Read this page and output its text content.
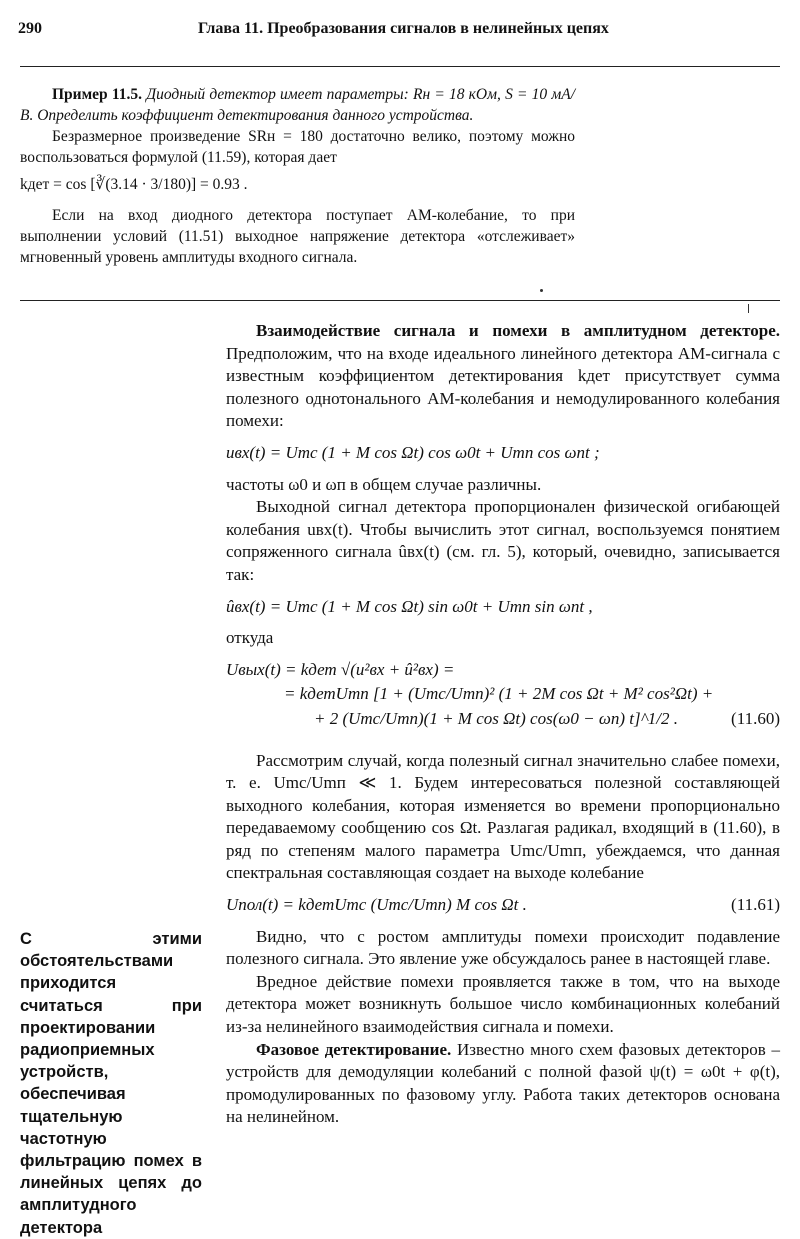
290	Глава 11. Преобразования сигналов в нелинейных цепях

Пример 11.5. Диодный детектор имеет параметры: Rн = 18 кОм, S = 10 мА/В. Определить коэффициент детектирования данного устройства.

Безразмерное произведение SRн = 180 достаточно велико, поэтому можно воспользоваться формулой (11.59), которая дает

kдет = cos [∛(3.14 · 3/180)] = 0.93 .

Если на вход диодного детектора поступает АМ-колебание, то при выполнении условий (11.51) выходное напряжение детектора «отслеживает» мгновенный уровень амплитуды входного сигнала.

Взаимодействие сигнала и помехи в амплитудном детекторе. Предположим, что на входе идеального линейного детектора АМ-сигнала с известным коэффициентом детектирования kдет присутствует сумма полезного однотонального АМ-колебания и немодулированного колебания помехи:

uвх(t) = Umc (1 + M cos Ωt) cos ω0t + Umп cos ωпt ;

частоты ω0 и ωп в общем случае различны.

Выходной сигнал детектора пропорционален физической огибающей колебания uвх(t). Чтобы вычислить этот сигнал, воспользуемся понятием сопряженного сигнала ûвх(t) (см. гл. 5), который, очевидно, записывается так:

ûвх(t) = Umc (1 + M cos Ωt) sin ω0t + Umп sin ωпt ,

откуда

Uвых(t) = kдет √(u²вх + û²вх) =
= kдетUmп [1 + (Umc/Umп)² (1 + 2M cos Ωt + M² cos²Ωt) +
+ 2 (Umc/Umп)(1 + M cos Ωt) cos(ω0 − ωп) t]^1/2 .	(11.60)

Рассмотрим случай, когда полезный сигнал значительно слабее помехи, т. е. Umc/Umп ≪ 1. Будем интересоваться полезной составляющей выходного колебания, которая изменяется во времени пропорционально передаваемому сообщению cos Ωt. Разлагая радикал, входящий в (11.60), в ряд по степеням малого параметра Umc/Umп, убеждаемся, что данная спектральная составляющая создает на выходе колебание

Uпол(t) = kдетUmc (Umc/Umп) M cos Ωt .	(11.61)

Видно, что с ростом амплитуды помехи происходит подавление полезного сигнала. Это явление уже обсуждалось ранее в настоящей главе.

Вредное действие помехи проявляется также в том, что на выходе детектора может возникнуть большое число комбинационных колебаний из-за нелинейного взаимодействия сигнала и помехи.

Фазовое детектирование. Известно много схем фазовых детекторов – устройств для демодуляции колебаний с полной фазой ψ(t) = ω0t + φ(t), промодулированных по фазовому углу. Работа таких детекторов основана на нелинейном.

С этими обстоятельствами приходится считаться при проектировании радиоприемных устройств, обеспечивая тщательную частотную фильтрацию помех в линейных цепях до амплитудного детектора
